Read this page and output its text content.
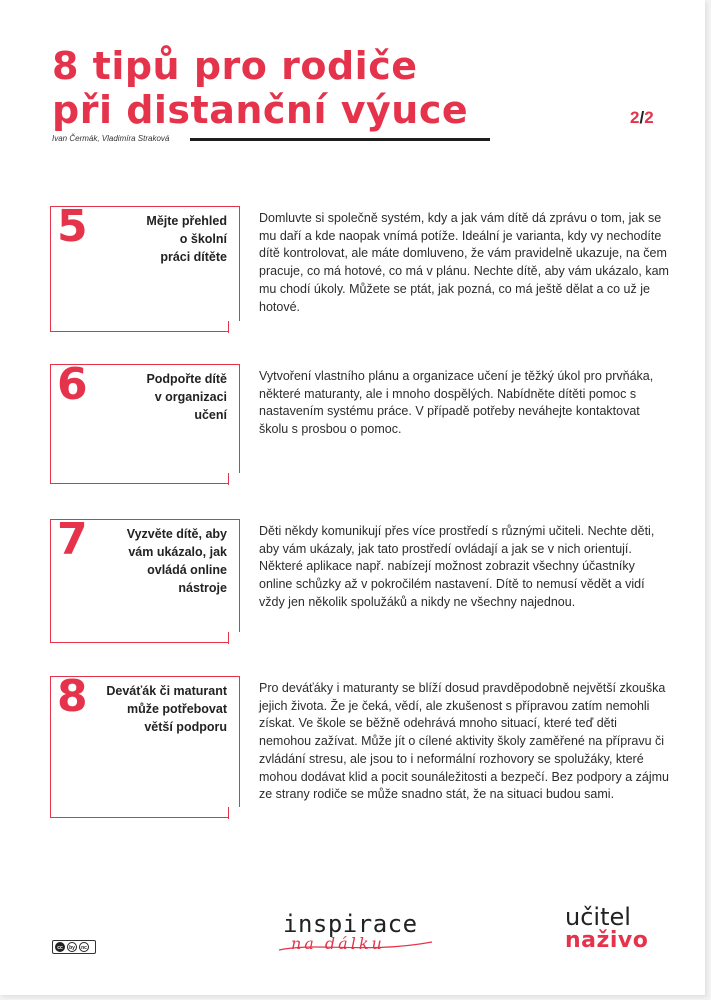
8 tipů pro rodiče
při distanční výuce	2/2
Ivan Čermák, Vladimíra Straková
5	Mějte přehled
o školní
práci dítěte
Domluvte si společně systém, kdy a jak vám dítě dá zprávu o tom, jak se mu daří a kde naopak vnímá potíže. Ideální je varianta, kdy vy nechodíte dítě kontrolovat, ale máte domluveno, že vám pravidelně ukazuje, na čem pracuje, co má hotové, co má v plánu. Nechte dítě, aby vám ukázalo, kam mu chodí úkoly. Můžete se ptát, jak pozná, co má ještě dělat a co už je hotové.
6	Podpořte dítě
v organizaci
učení
Vytvoření vlastního plánu a organizace učení je těžký úkol pro prvňáka, některé maturanty, ale i mnoho dospělých. Nabídněte dítěti pomoc s nastavením systému práce. V případě potřeby neváhejte kontaktovat školu s prosbou o pomoc.
7	Vyzvěte dítě, aby
vám ukázalo, jak
ovládá online
nástroje
Děti někdy komunikují přes více prostředí s různými učiteli. Nechte děti, aby vám ukázaly, jak tato prostředí ovládají a jak se v nich orientují. Některé aplikace např. nabízejí možnost zobrazit všechny účastníky online schůzky až v pokročilém nastavení. Dítě to nemusí vědět a vidí vždy jen několik spolužáků a nikdy ne všechny najednou.
8 Deváťák či maturant
může potřebovat
větší podporu
Pro deváťáky i maturanty se blíží dosud pravděpodobně největší zkouška jejich života. Že je čeká, vědí, ale zkušenost s přípravou zatím nemohli získat. Ve škole se běžně odehrává mnoho situací, které teď děti nemohou zažívat. Může jít o cílené aktivity školy zaměřené na přípravu či zvládání stresu, ale jsou to i neformální rozhovory se spolužáky, které mohou dodávat klid a pocit sounáležitosti a bezpečí. Bez podpory a zájmu ze strany rodiče se může snadno stát, že na situaci budou sami.
cc	by	nc
inspirace
na dálku
učitel
naživo
